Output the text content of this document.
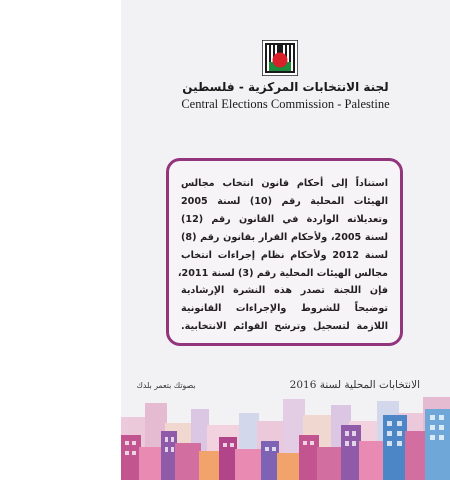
لجنة الانتخابات المركزية - فلسطين
Central Elections Commission - Palestine
استناداً إلى أحكام قانون انتخاب مجالس
الهيئات المحلية رقم (10) لسنة 2005
وتعديلاته الواردة في القانون رقم (12)
لسنة 2005، ولأحكام القرار بقانون رقم (8)
لسنة 2012 ولأحكام نظام إجراءات انتخاب
مجالس الهيئات المحلية رقم (3) لسنة 2011،
فإن اللجنة تصدر هذه النشرة الإرشادية
توضيحاً للشروط والإجراءات القانونية
اللازمة لتسجيل وترشح القوائم الانتخابية.
بصوتك بتعمر بلدك	الانتخابات المحلية لسنة 2016
